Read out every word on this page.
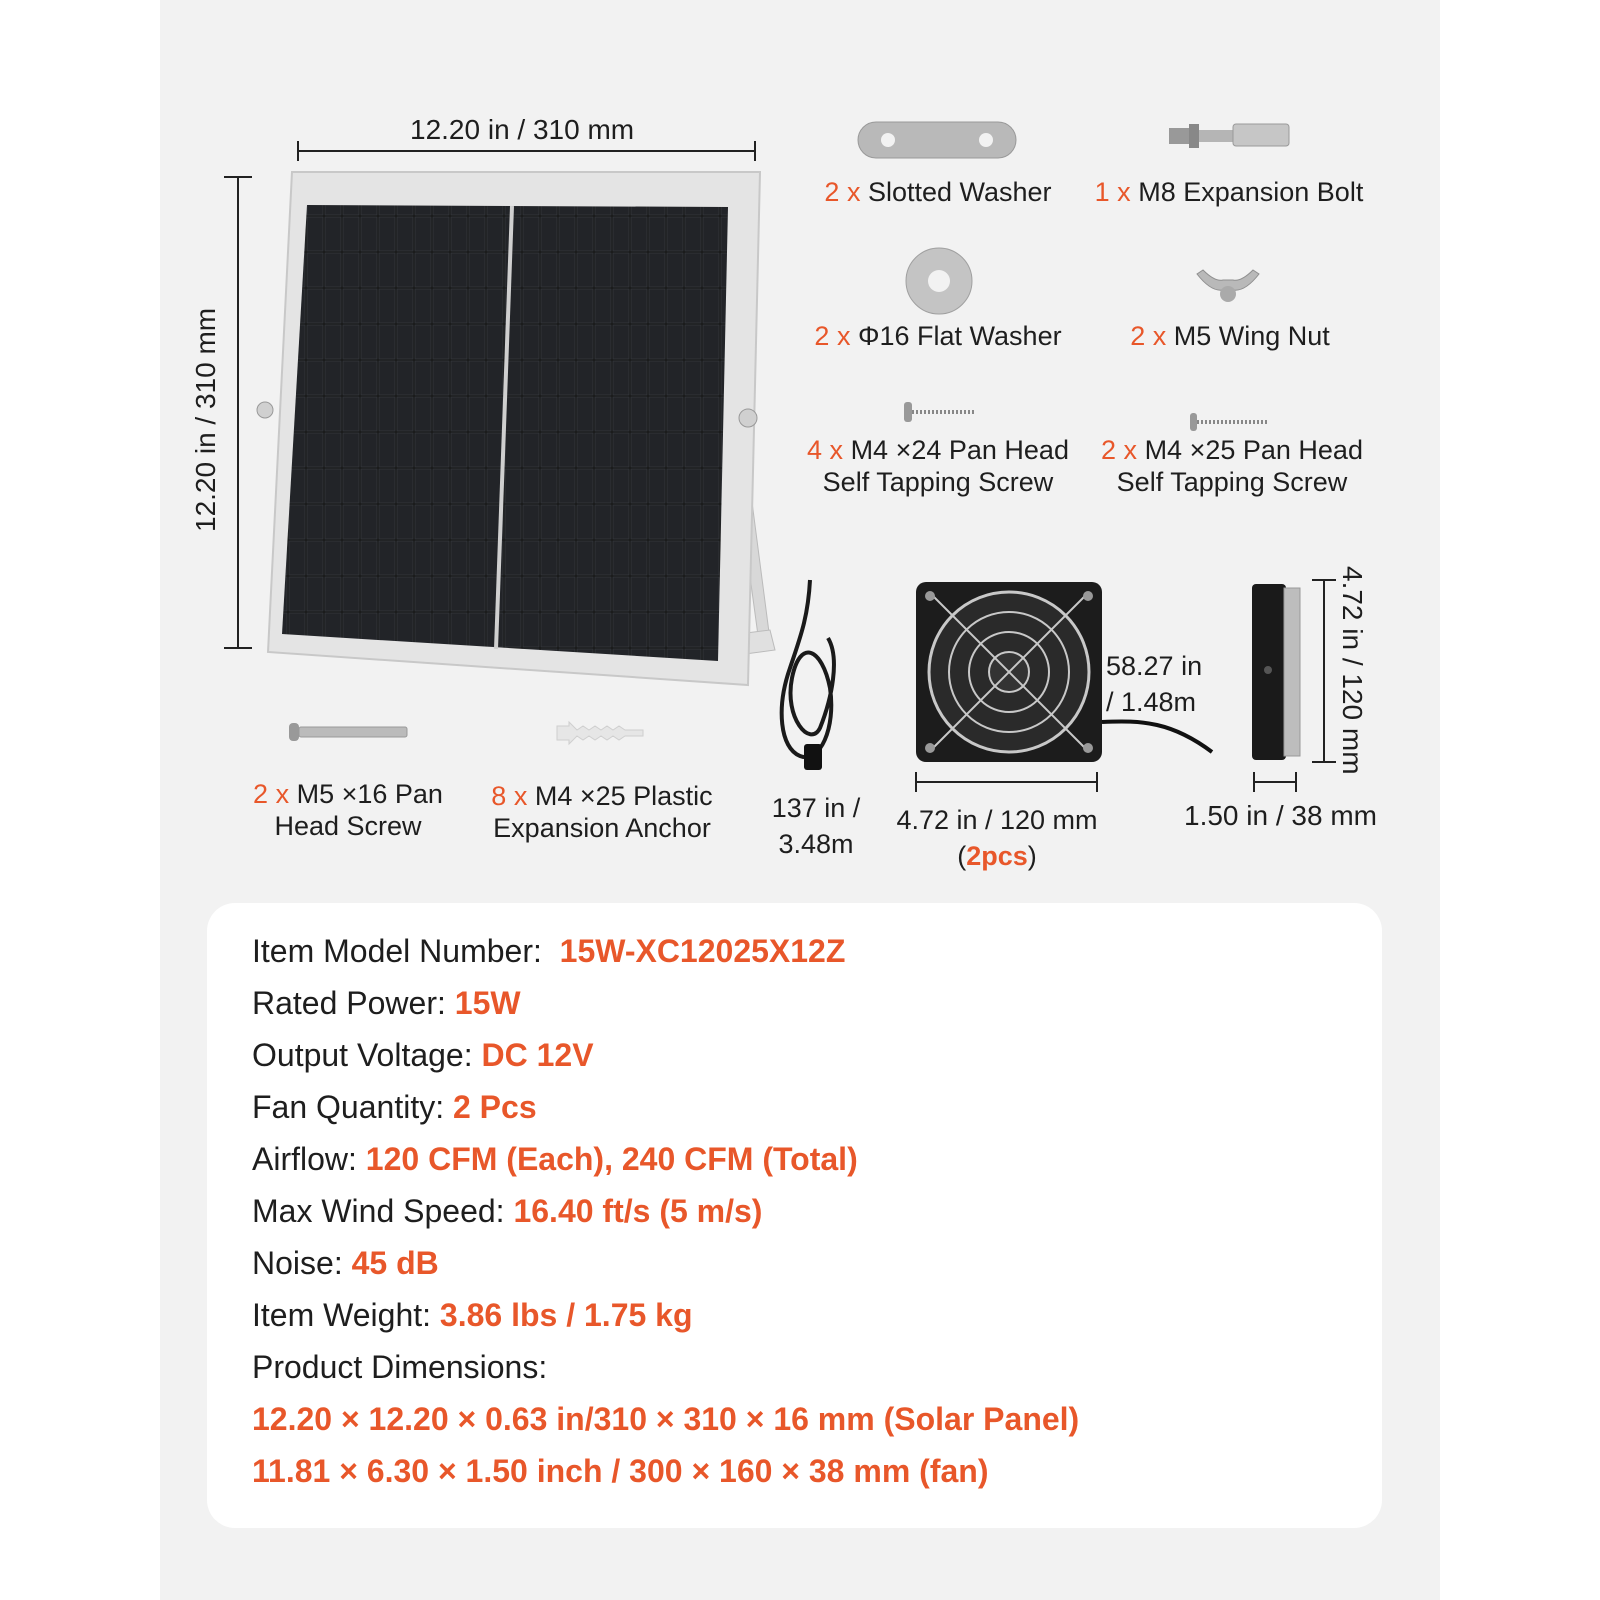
12.20 in / 310 mm
12.20 in / 310 mm
2 x Slotted Washer	1 x M8 Expansion Bolt
2 x Φ16 Flat Washer	2 x M5 Wing Nut
4 x M4 ×24 Pan Head
Self Tapping Screw
2 x M4 ×25 Pan Head
Self Tapping Screw
2 x M5 ×16 Pan
Head Screw
8 x M4 ×25 Plastic
Expansion Anchor
137 in /
3.48m
58.27 in
/ 1.48m
4.72 in / 120 mm
(2pcs)
4.72 in / 120 mm
1.50 in / 38 mm
Item Model Number: 15W-XC12025X12Z
Rated Power: 15W
Output Voltage: DC 12V
Fan Quantity: 2 Pcs
Airflow: 120 CFM (Each), 240 CFM (Total)
Max Wind Speed: 16.40 ft/s (5 m/s)
Noise: 45 dB
Item Weight: 3.86 lbs / 1.75 kg
Product Dimensions:
12.20 × 12.20 × 0.63 in/310 × 310 × 16 mm (Solar Panel)
11.81 × 6.30 × 1.50 inch / 300 × 160 × 38 mm (fan)
